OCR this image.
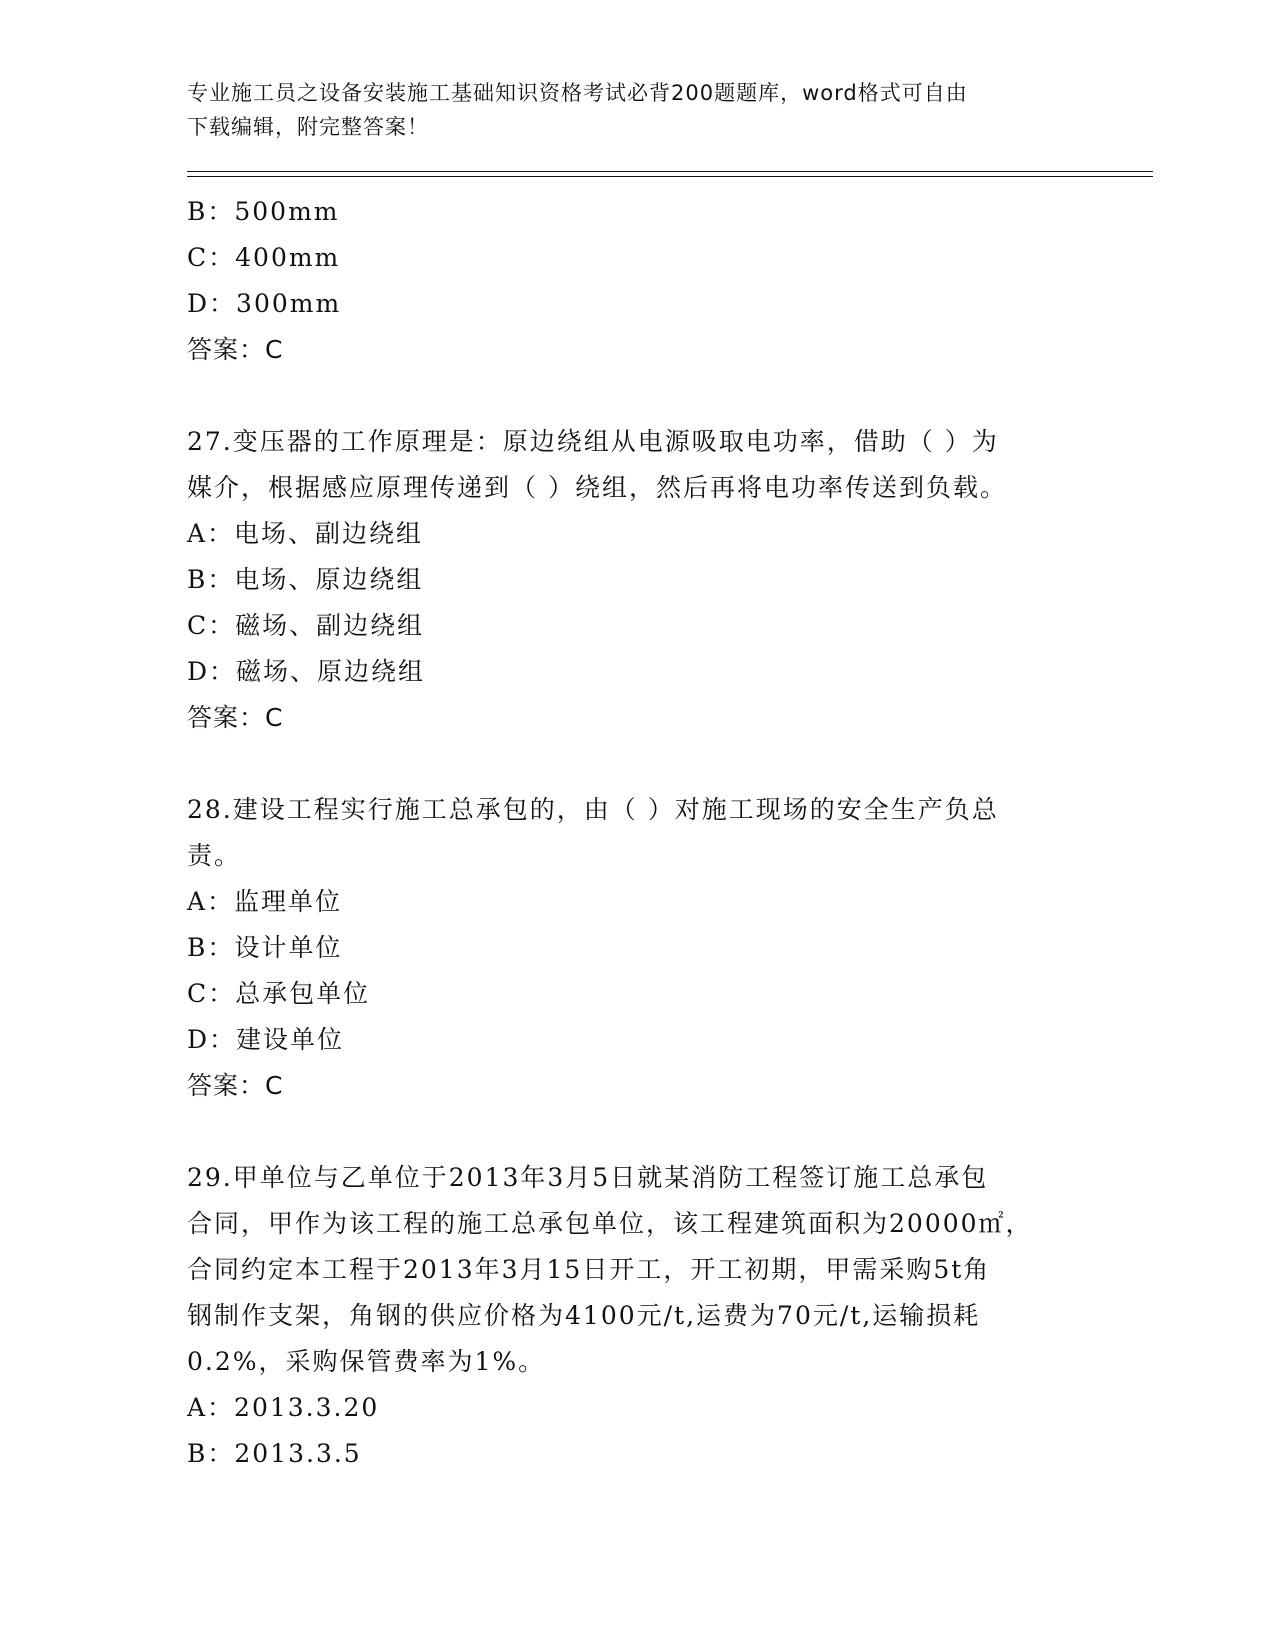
专业施工员之设备安装施工基础知识资格考试必背200题题库，word格式可自由
下载编辑，附完整答案！
B：500mm
C：400mm
D：300mm
答案：C
27.变压器的工作原理是：原边绕组从电源吸取电功率，借助（ ）为
媒介，根据感应原理传递到（ ）绕组，然后再将电功率传送到负载。
A：电场、副边绕组
B：电场、原边绕组
C：磁场、副边绕组
D：磁场、原边绕组
答案：C
28.建设工程实行施工总承包的，由（ ）对施工现场的安全生产负总
责。
A：监理单位
B：设计单位
C：总承包单位
D：建设单位
答案：C
29.甲单位与乙单位于2013年3月5日就某消防工程签订施工总承包
合同，甲作为该工程的施工总承包单位，该工程建筑面积为20000㎡，
合同约定本工程于2013年3月15日开工，开工初期，甲需采购5t角
钢制作支架，角钢的供应价格为4100元/t,运费为70元/t,运输损耗
0.2%，采购保管费率为1%。
A：2013.3.20
B：2013.3.5
